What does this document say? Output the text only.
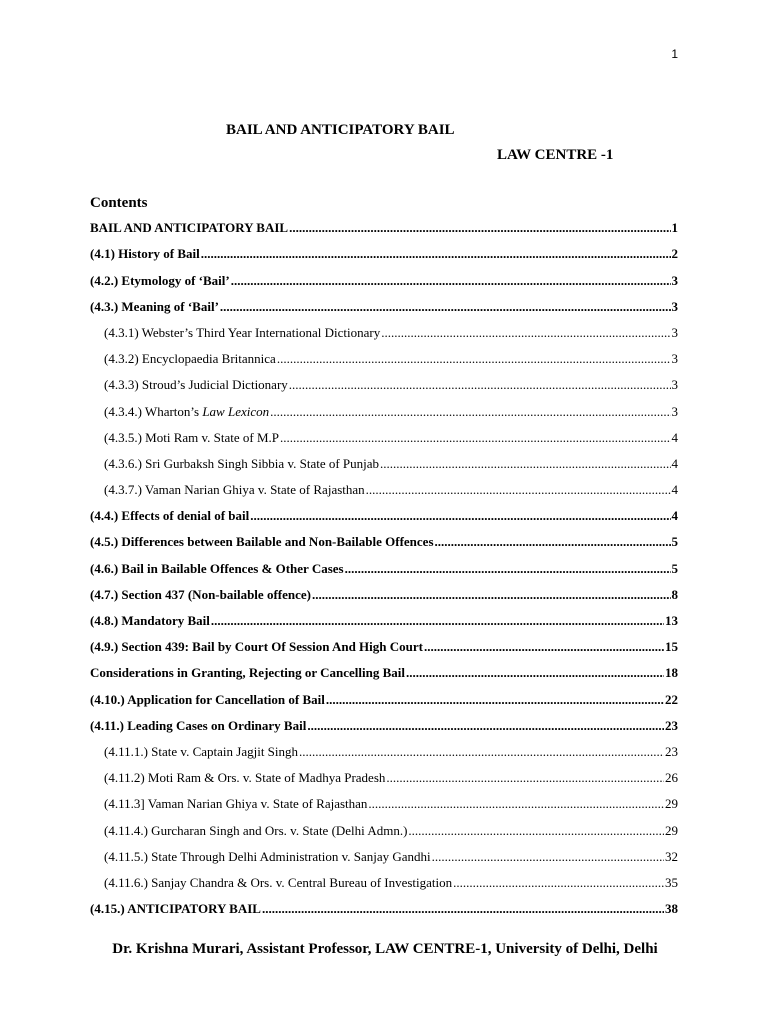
1
BAIL AND ANTICIPATORY BAIL
LAW CENTRE -1
Contents
BAIL AND ANTICIPATORY BAIL .....	1
(4.1) History of Bail .....	2
(4.2.) Etymology of ‘Bail’ .....	3
(4.3.) Meaning of ‘Bail’ .....	3
(4.3.1) Webster’s Third Year International Dictionary .....	3
(4.3.2) Encyclopaedia Britannica .....	3
(4.3.3) Stroud’s Judicial Dictionary .....	3
(4.3.4.) Wharton’s Law Lexicon .....	3
(4.3.5.) Moti Ram v. State of M.P .....	4
(4.3.6.) Sri Gurbaksh Singh Sibbia v. State of Punjab .....	4
(4.3.7.) Vaman Narian Ghiya v. State of Rajasthan .....	4
(4.4.) Effects of denial of bail .....	4
(4.5.) Differences between Bailable and Non-Bailable Offences .....	5
(4.6.) Bail in Bailable Offences & Other Cases .....	5
(4.7.) Section 437 (Non-bailable offence) .....	8
(4.8.) Mandatory Bail .....	13
(4.9.) Section 439: Bail by Court Of Session And High Court .....	15
Considerations in Granting, Rejecting or Cancelling Bail .....	18
(4.10.) Application for Cancellation of Bail .....	22
(4.11.) Leading Cases on Ordinary Bail .....	23
(4.11.1.) State v. Captain Jagjit Singh .....	23
(4.11.2) Moti Ram & Ors. v. State of Madhya Pradesh .....	26
(4.11.3] Vaman Narian Ghiya v. State of Rajasthan .....	29
(4.11.4.) Gurcharan Singh and Ors. v. State (Delhi Admn.) .....	29
(4.11.5.) State Through Delhi Administration v. Sanjay Gandhi .....	32
(4.11.6.) Sanjay Chandra & Ors. v. Central Bureau of Investigation .....	35
(4.15.) ANTICIPATORY BAIL .....	38
Dr. Krishna Murari, Assistant Professor, LAW CENTRE-1, University of Delhi, Delhi
